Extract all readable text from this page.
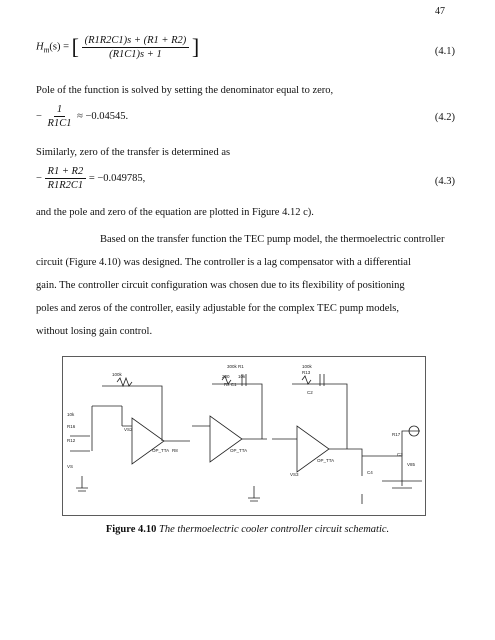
47
$H_m(s)$ = [ $\frac{(R1R2C1)s + (R1 + R2)}{(R1C1)s + 1}$ ]	(4.1)
Pole of the function is solved by setting the denominator equal to zero,
− $\frac{1}{R1C1} \approx -0.04545$.	(4.2)
Similarly, zero of the transfer is determined as
− $\frac{R1 + R2}{R1R2C1} = -0.049785$,	(4.3)
and the pole and zero of the equation are plotted in Figure 4.12 c).
Based on the transfer function the TEC pump model, the thermoelectric controller
circuit (Figure 4.10) was designed. The controller is a lag compensator with a differential
gain. The controller circuit configuration was chosen due to its flexibility of positioning
poles and zeros of the controller, easily adjustable for the complex TEC pump models,
without losing gain control.
100k
300k R1
200 10k
Rx C1
100k
R13
C2
OP_TTA	OP_TTA
OP_TTA
10k
R16
R12
VS
VS2
VS3	C4
R17
V85
C3
R8
Figure 4.10 The thermoelectric cooler controller circuit schematic.
